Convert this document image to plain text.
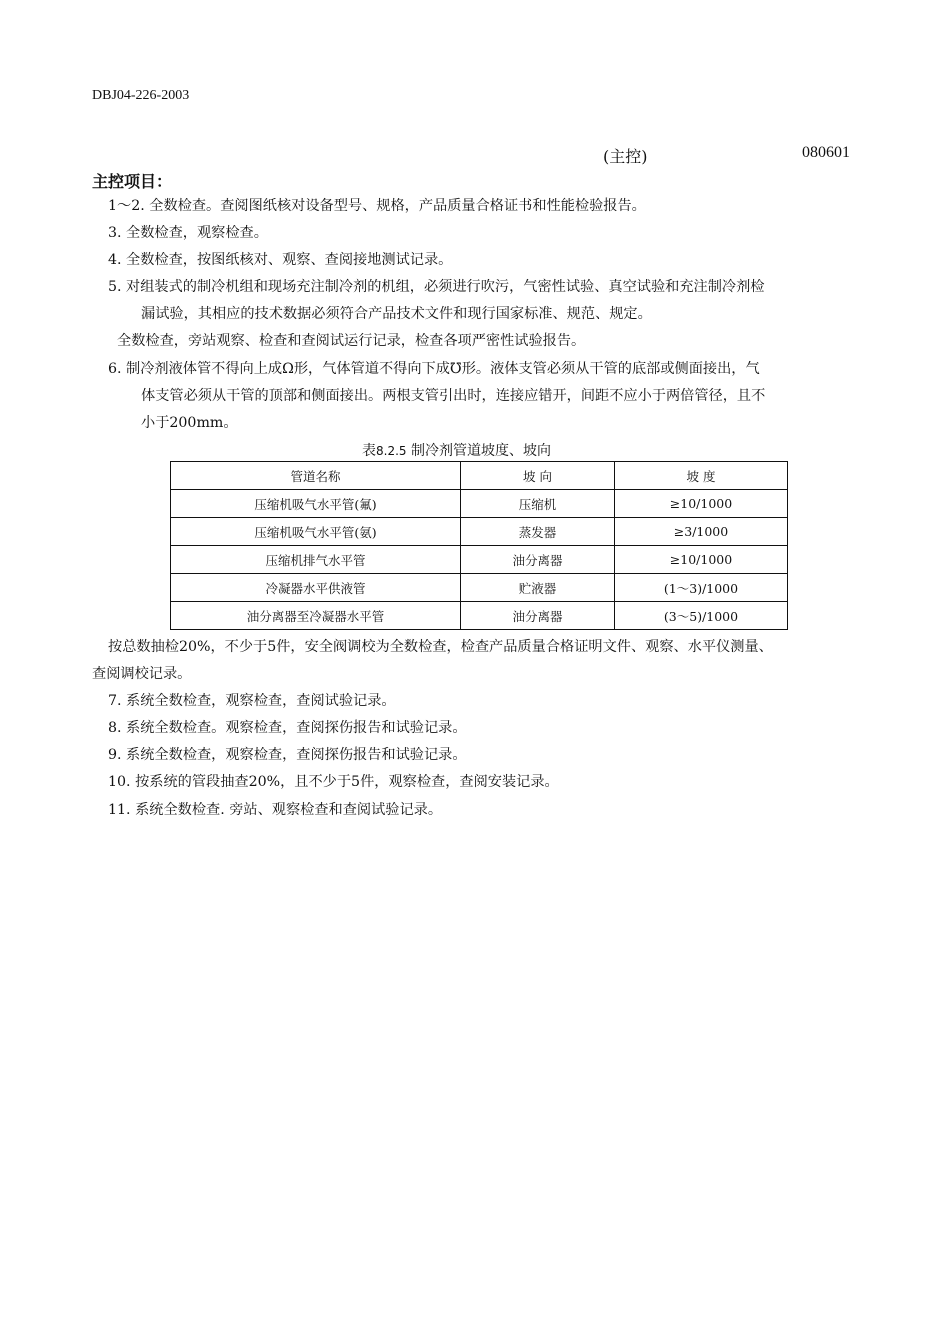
DBJ04-226-2003
(主控)	080601
主控项目：
1～2. 全数检查。查阅图纸核对设备型号、规格，产品质量合格证书和性能检验报告。
3. 全数检查，观察检查。
4. 全数检查，按图纸核对、观察、查阅接地测试记录。
5. 对组装式的制冷机组和现场充注制冷剂的机组，必须进行吹污，气密性试验、真空试验和充注制冷剂检
漏试验，其相应的技术数据必须符合产品技术文件和现行国家标准、规范、规定。
全数检查，旁站观察、检查和查阅试运行记录，检查各项严密性试验报告。
6. 制冷剂液体管不得向上成Ω形，气体管道不得向下成℧形。液体支管必须从干管的底部或侧面接出，气
体支管必须从干管的顶部和侧面接出。两根支管引出时，连接应错开，间距不应小于两倍管径，且不
小于200mm。
表8.2.5 制冷剂管道坡度、坡向
管道名称	坡 向	坡 度
压缩机吸气水平管(氟)	压缩机	≥10/1000
压缩机吸气水平管(氨)	蒸发器	≥3/1000
压缩机排气水平管	油分离器	≥10/1000
冷凝器水平供液管	贮液器	(1～3)/1000
油分离器至冷凝器水平管	油分离器	(3～5)/1000
按总数抽检20%，不少于5件，安全阀调校为全数检查，检查产品质量合格证明文件、观察、水平仪测量、
查阅调校记录。
7. 系统全数检查，观察检查，查阅试验记录。
8. 系统全数检查。观察检查，查阅探伤报告和试验记录。
9. 系统全数检查，观察检查，查阅探伤报告和试验记录。
10. 按系统的管段抽查20%，且不少于5件，观察检查，查阅安装记录。
11. 系统全数检查. 旁站、观察检查和查阅试验记录。
